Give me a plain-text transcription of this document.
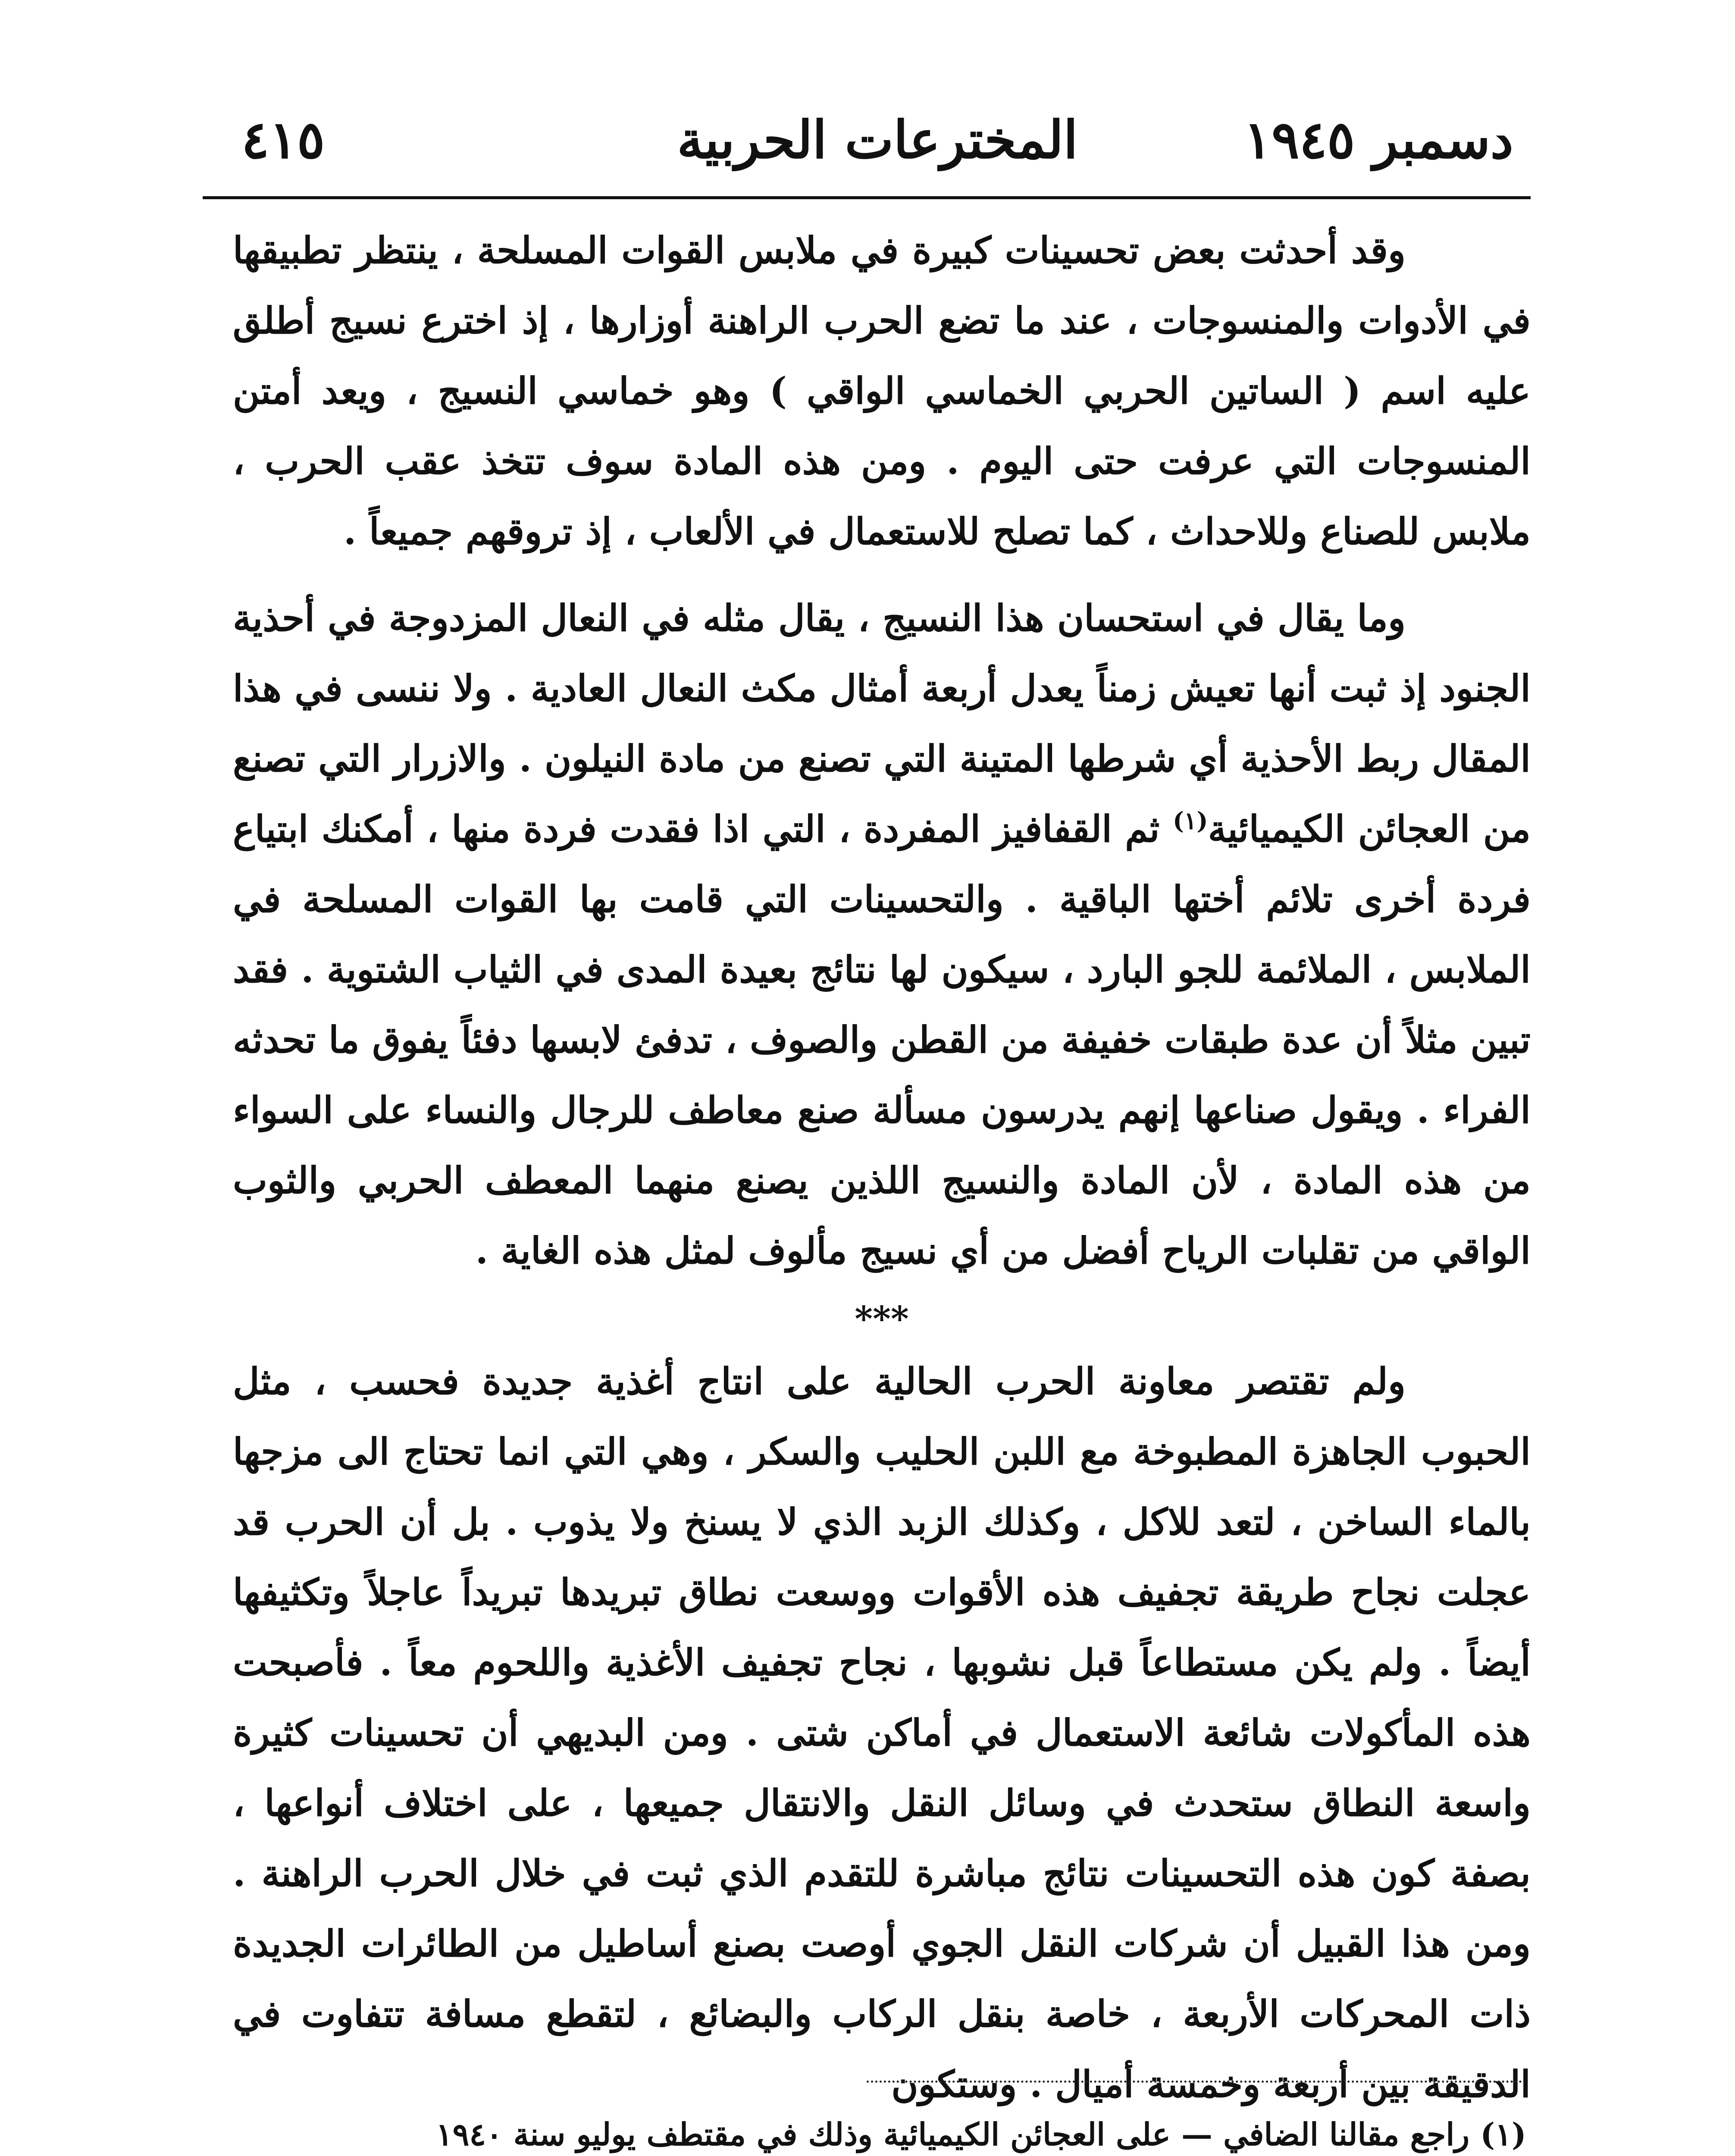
٤١٥	المخترعات الحربية	دسمبر ١٩٤٥

وقد أحدثت بعض تحسينات كبيرة في ملابس القوات المسلحة ، ينتظر تطبيقها في الأدوات والمنسوجات ، عند ما تضع الحرب الراهنة أوزارها ، إذ اخترع نسيج أطلق عليه اسم ( الساتين الحربي الخماسي الواقي ) وهو خماسي النسيج ، ويعد أمتن المنسوجات التي عرفت حتى اليوم . ومن هذه المادة سوف تتخذ عقب الحرب ، ملابس للصناع وللاحداث ، كما تصلح للاستعمال في الألعاب ، إذ تروقهم جميعاً .

وما يقال في استحسان هذا النسيج ، يقال مثله في النعال المزدوجة في أحذية الجنود إذ ثبت أنها تعيش زمناً يعدل أربعة أمثال مكث النعال العادية . ولا ننسى في هذا المقال ربط الأحذية أي شرطها المتينة التي تصنع من مادة النيلون . والازرار التي تصنع من العجائن الكيميائية$^{(١)}$ ثم القفافيز المفردة ، التي اذا فقدت فردة منها ، أمكنك ابتياع فردة أخرى تلائم أختها الباقية . والتحسينات التي قامت بها القوات المسلحة في الملابس ، الملائمة للجو البارد ، سيكون لها نتائج بعيدة المدى في الثياب الشتوية . فقد تبين مثلاً أن عدة طبقات خفيفة من القطن والصوف ، تدفئ لابسها دفئاً يفوق ما تحدثه الفراء . ويقول صناعها إنهم يدرسون مسألة صنع معاطف للرجال والنساء على السواء من هذه المادة ، لأن المادة والنسيج اللذين يصنع منهما المعطف الحربي والثوب الواقي من تقلبات الرياح أفضل من أي نسيج مألوف لمثل هذه الغاية .

***

ولم تقتصر معاونة الحرب الحالية على انتاج أغذية جديدة فحسب ، مثل الحبوب الجاهزة المطبوخة مع اللبن الحليب والسكر ، وهي التي انما تحتاج الى مزجها بالماء الساخن ، لتعد للاكل ، وكذلك الزبد الذي لا يسنخ ولا يذوب . بل أن الحرب قد عجلت نجاح طريقة تجفيف هذه الأقوات ووسعت نطاق تبريدها تبريداً عاجلاً وتكثيفها أيضاً . ولم يكن مستطاعاً قبل نشوبها ، نجاح تجفيف الأغذية واللحوم معاً . فأصبحت هذه المأكولات شائعة الاستعمال في أماكن شتى . ومن البديهي أن تحسينات كثيرة واسعة النطاق ستحدث في وسائل النقل والانتقال جميعها ، على اختلاف أنواعها ، بصفة كون هذه التحسينات نتائج مباشرة للتقدم الذي ثبت في خلال الحرب الراهنة . ومن هذا القبيل أن شركات النقل الجوي أوصت بصنع أساطيل من الطائرات الجديدة ذات المحركات الأربعة ، خاصة بنقل الركاب والبضائع ، لتقطع مسافة تتفاوت في الدقيقة بين أربعة وخمسة أميال . وستكون

(١) راجع مقالنا الضافي — على العجائن الكيميائية وذلك في مقتطف يوليو سنة ١٩٤٠
